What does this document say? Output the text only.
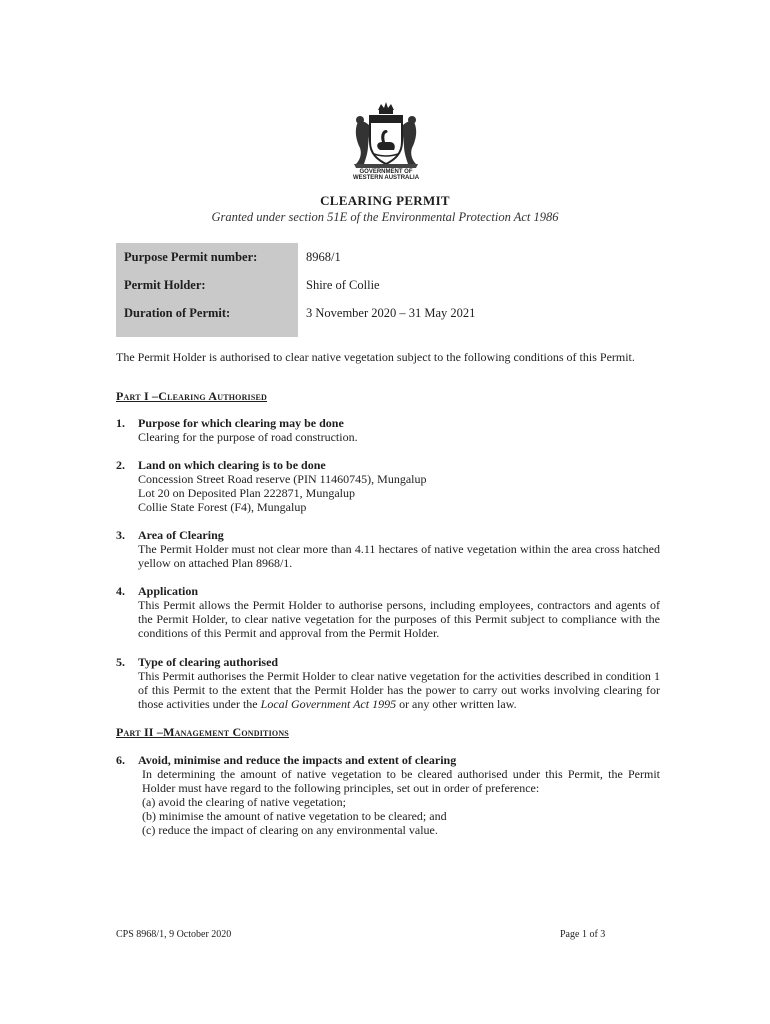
GOVERNMENT OF
WESTERN AUSTRALIA
CLEARING PERMIT
Granted under section 51E of the Environmental Protection Act 1986
Purpose Permit number:	8968/1
Permit Holder:	Shire of Collie
Duration of Permit:	3 November 2020 – 31 May 2021
The Permit Holder is authorised to clear native vegetation subject to the following conditions of this Permit.
Part I –Clearing Authorised
1. Purpose for which clearing may be done
Clearing for the purpose of road construction.
2. Land on which clearing is to be done
Concession Street Road reserve (PIN 11460745), Mungalup
Lot 20 on Deposited Plan 222871, Mungalup
Collie State Forest (F4), Mungalup
3. Area of Clearing
The Permit Holder must not clear more than 4.11 hectares of native vegetation within the area cross hatched yellow on attached Plan 8968/1.
4. Application
This Permit allows the Permit Holder to authorise persons, including employees, contractors and agents of the Permit Holder, to clear native vegetation for the purposes of this Permit subject to compliance with the conditions of this Permit and approval from the Permit Holder.
5. Type of clearing authorised
This Permit authorises the Permit Holder to clear native vegetation for the activities described in condition 1 of this Permit to the extent that the Permit Holder has the power to carry out works involving clearing for those activities under the Local Government Act 1995 or any other written law.
Part II –Management Conditions
6. Avoid, minimise and reduce the impacts and extent of clearing
In determining the amount of native vegetation to be cleared authorised under this Permit, the Permit Holder must have regard to the following principles, set out in order of preference:
(a) avoid the clearing of native vegetation;
(b) minimise the amount of native vegetation to be cleared; and
(c) reduce the impact of clearing on any environmental value.
CPS 8968/1, 9 October 2020	Page 1 of 3
